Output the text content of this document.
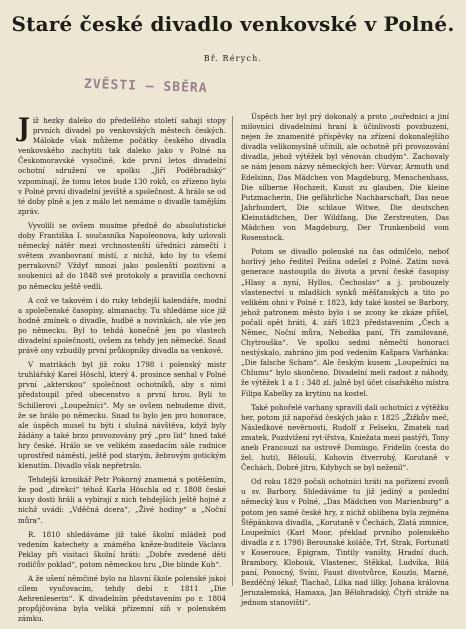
Staré české divadlo venkovské v Polné.
Bř. Rérych.
ZVĚSTI – SBĚRA

J iž hezky daleko do předešlého století sahají stopy prvních divadel po venkovských městech českých. Málokde však můžeme počátky českého divadla venkovského zachytiti tak daleko jako v Polné na Českomoravské vysočině, kde první letos divadelní ochotní sdružení ve spolku „Jiří Poděbradský“ vzpomínají, že tomu letos bude 130 roků, co zřízeno bylo v Polné první divadelní jeviště a společnost. A hrálo se od té doby plně a jen z málo let nemáme o divadle tamějším zpráv.

Vyvolili se ovšem musíme předně do absolutistické doby Františka I. současníka Napoleonova, kdy uzlovali německý nátěr mezi vrchnostenští úředníci zámečtí i světem zvanbovraní místí, z nichž, kdo by to všemí perrakovní? Vždyť mnozí jako poslenští pozitivní a soukenici až do 1848 své protokoly a pravidla cechovní po německu ještě vedli.

A což ve takovém i do ruky tehdejší kalendáře, modní a společenské časopisy, almanachy. Tu shledáme sice již hodně zmínek o divadle, hudbě a novinkách, ale vše jen po německu. Byl to tehdá konečně jen po vlastech divadelní společnosti, ovšem za tehdy jen německé. Snad právě ony vzbudily první průkopníky divadla na venkově.

V matrikách byl již roku 1798 i polenský mistr truhlářský Karel Höschl, který 4. prosince senhal v Polné první „akterskou“ společnost ochotníků, aby s nimi předstoupil před obecenstvo s první hrou. Byli to Schillerovi „Loupežníci“. My se ovšem nebudeme divit, že se hrálo po německu. Snad to bylo jen pro honorace, ale úspěch musel tu býti i slušná návštěva, když byly žádány a také brzo provozovány prý „pro lid“ hned také hry české. Hrálo se ve velikém zasedacím sále radnice uprostřed náměstí, ještě pod starým, žebrovým gotickým klenutím. Divadlo však nepřetrslo.

Tehdejší kronikář Petr Pokorný znamená s potěšením, že pod „direkcí“ téhož Karla Höschla od r. 1808 české kusy dosti hráli a vybírají z nich tehdejších ještě hojné z nichž uvádí: „Vděčná dcera“, „Živé hodiny“ a „Noční můra“.

R. 1810 shledáváme již také školní mládež pod vedením katechety a známého kněze-buditele Václava Peklay při visitaci školní hráti: „Dobře zvedené děti rodičův poklad“, potom německou hru „Die blinde Kuh“.

A že ušení němčiné bylo na hlavní škole polenské jakoi cílem vyučovacím, tehdy debí r. 1811 „Die Aehrenleserin“. K divadelním představením po r. 1804 propůjčována byla veliká přízemní síň v polenském zámku.

Úspěch her byl prý dokonalý a proto „ouřednici a jiní milovníci divadelními hraní k účinlivosti povzbuzeni, nejen že znamenité příspěvky na zřízení dokonalejšího divadla velikomyslně učinili, ale ochotně při provozování divadla, jehož výtěžek byl věnován chudým“. Zachovaly se nám jenom názvy německých her: Vúrvar, Armuth und Edelsinn, Das Mädchen von Magdeburg, Menschenhass, Die silberne Hochzeit, Kunst zu glauben, Die kleine Putzmacherin, Die gefährliche Nachbarschaft, Das neue Jahrhundert, Die schlaue Witwe, Die deutschen Kleinstädtchen, Der Wildfang, Die Zerstreuten, Das Mädchen von Magdeburg, Der Trunkenbold vom Rosenstock.

Potom se divadlo polenské na čas odmlčelo, neboť horlivý jeho ředitel Peišna odešel z Polné. Zatím nová generace nastoupila do života a první české časopisy „Hlasy a nyní, Hyllos, Čechoslav“ a j. probouzely vlastenectví u mladších synků měšťanských a tito po velikém ohni v Polné r. 1823, kdy také kostel se Barbory, jehož patronem město bylo i se zcony ke zkáze přišel, počali opět hráti, 4. září 1823 představením „Čech a Němec, Noční můra, Nebožka paní, Tři zamilované, Chytrouška“. Ve spolku sedmi němečtí honoraci nestýskalo, zahráno jim pod vedením Kašpara Varhánka: „Die falsche Scham“. Ale českým kusem „Loupežníci na Chlumu“ bylo skončeno. Divadelní meli radost z náhody, že výtěžek 1 a 1 : 348 zl. jalně byl účet císařského místra Filipa Kabelky za krytinu na kostel.

Také pohořelé varhany spravili dali ochotníci z výtěžku her, potom již napořád českých jako r. 1825 „Žižkův meč, Následkové nevěrnosti, Rudolf z Felseku, Zmatek nad zmatek, Pozdvižení ryt-ířstva, Kniežata mezi pastýři, Tony aneb Francouzi na ostrově Domingo, Fridelín (cesta do žel. huti), Bělouší, Kohovín čtverrohý, Korutaně v Čechách, Dobré jitro, Kdybych se byl neženil“.

Od roku 1829 počali ochotníci hráti na pořízení zvonů u sv. Barbory. Shledáváme tu již jediný a poslední německý kus v Polné, „Das Mädchen von Marienburg“ a potom jen samé české hry, z nichž oblíbena byla zejména Štěpánkova divadla, „Korutaně v Čechách, Zlatá zimnice, Loupežníci (Karl Moor, překlad prvního polenského divadla z r. 1798) Berounské koláče, Trť, Strak, Fortunatl v Koserouce, Epigram, Tintily vaništy, Hradní duch, Brambory, Klobouk, Vlastenec, Stěkkal, Ludvíka, Bilá paní, Ponocný, Svíni, Faust divotvůrce, Kouzlo, Marné, Bezděčný lékař, Tlachač, Lilka nad lilky, Johana královna Jeruzalemská, Hamaxa, Jan Bělohradský, Čtyři stráže na jednom stanovišti“.
